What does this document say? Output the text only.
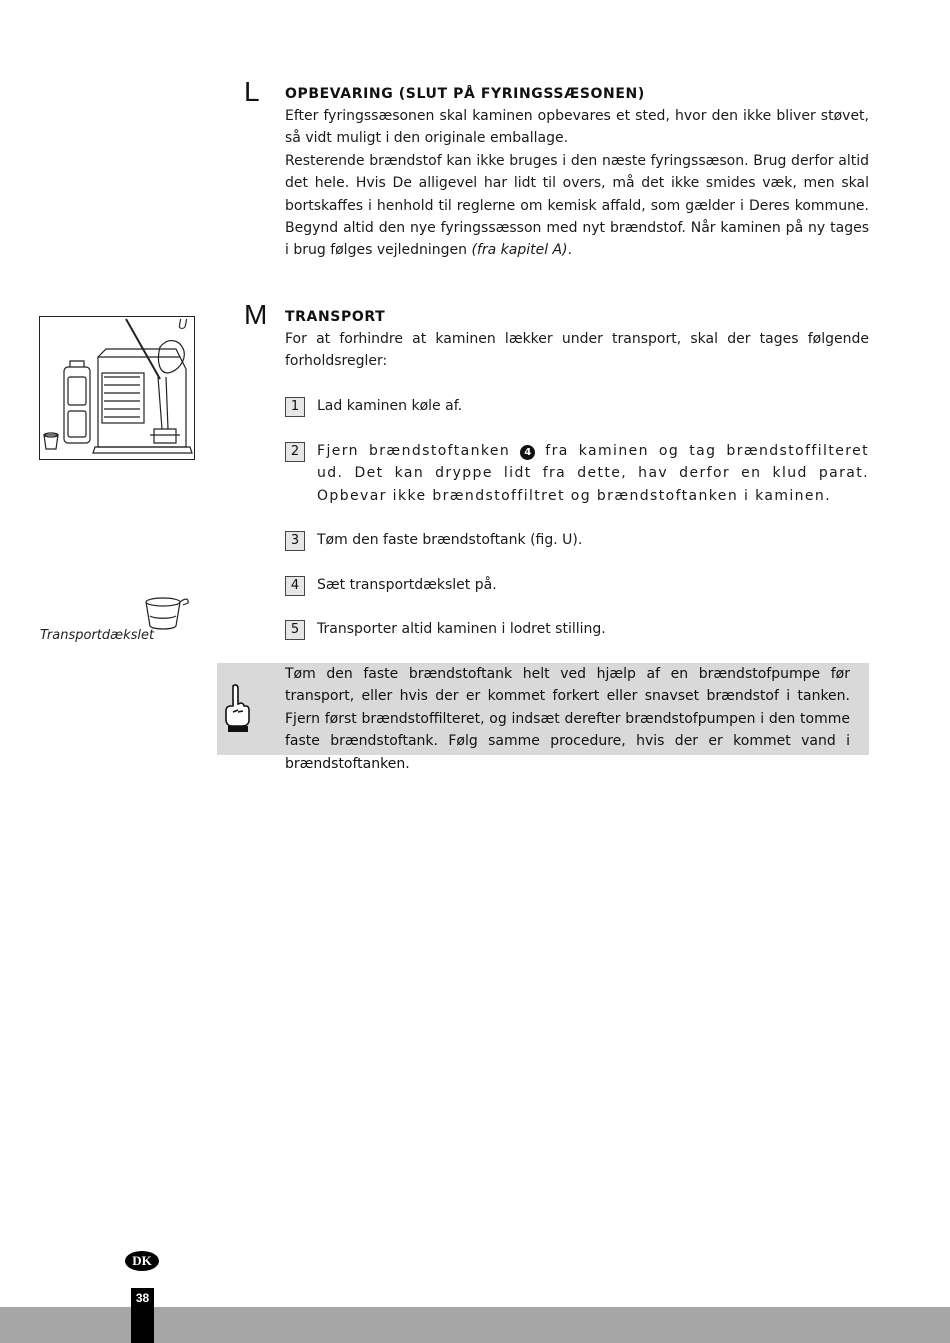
L OPBEVARING (SLUT PÅ FYRINGSSÆSONEN)

Efter fyringssæsonen skal kaminen opbevares et sted, hvor den ikke bliver støvet, så vidt muligt i den originale emballage.

Resterende brændstof kan ikke bruges i den næste fyringssæson. Brug derfor altid det hele. Hvis De alligevel har lidt til overs, må det ikke smides væk, men skal bortskaffes i henhold til reglerne om kemisk affald, som gælder i Deres kommune. Begynd altid den nye fyringssæsson med nyt brændstof. Når kaminen på ny tages i brug følges vejledningen (fra kapitel A).

M TRANSPORT
For at forhindre at kaminen lækker under transport, skal der tages følgende forholdsregler:
1	Lad kaminen køle af.
2	Fjern brændstoftanken 4 fra kaminen og tag brændstoffilteret ud. Det kan dryppe lidt fra dette, hav derfor en klud parat. Opbevar ikke brændstoffiltret og brændstoftanken i kaminen.
3	Tøm den faste brændstoftank (fig. U).
4	Sæt transportdækslet på.
5	Transporter altid kaminen i lodret stilling.
U
Transportdækslet
Tøm den faste brændstoftank helt ved hjælp af en brændstofpumpe før transport, eller hvis der er kommet forkert eller snavset brændstof i tanken. Fjern først brændstoffilteret, og indsæt derefter brændstofpumpen i den tomme faste brændstoftank. Følg samme procedure, hvis der er kommet vand i brændstoftanken.
DK
38
